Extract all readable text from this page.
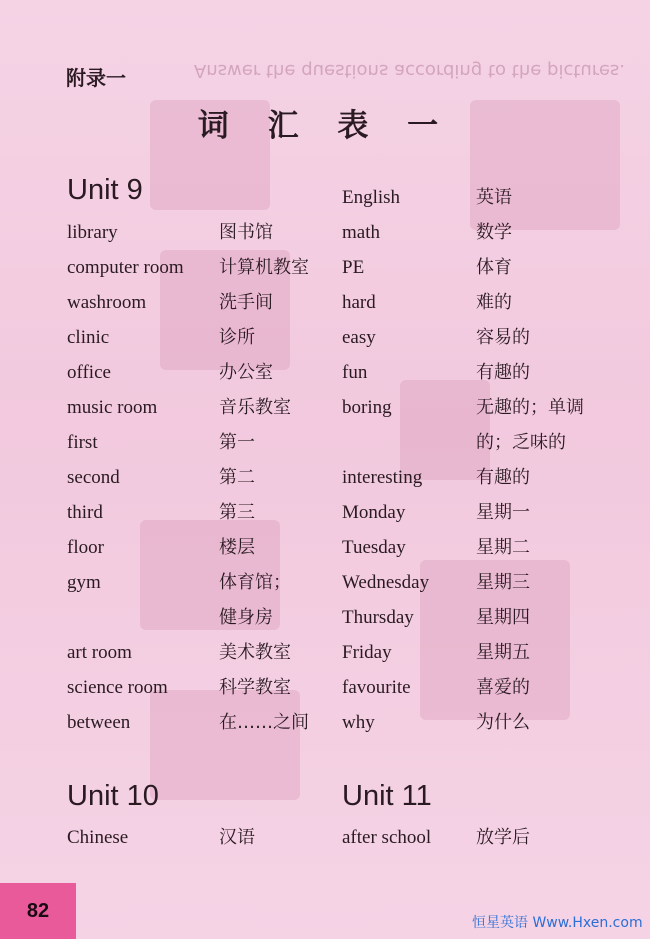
Answer the questions according to the pictures.
附录一
词 汇 表 一
Unit 9
library	图书馆
computer room 计算机教室
washroom	洗手间
clinic	诊所
office	办公室
music room	音乐教室
first	第一
second	第二
third	第三
floor	楼层
gym	体育馆；
健身房
art room	美术教室
science room	科学教室
between	在……之间
Unit 10
Chinese	汉语
English	英语
math	数学
PE	体育
hard	难的
easy	容易的
fun	有趣的
boring	无趣的；单调
的；乏味的
interesting	有趣的
Monday	星期一
Tuesday	星期二
Wednesday	星期三
Thursday	星期四
Friday	星期五
favourite	喜爱的
why	为什么
Unit 11
after school 放学后
82
恒星英语 Www.Hxen.com
